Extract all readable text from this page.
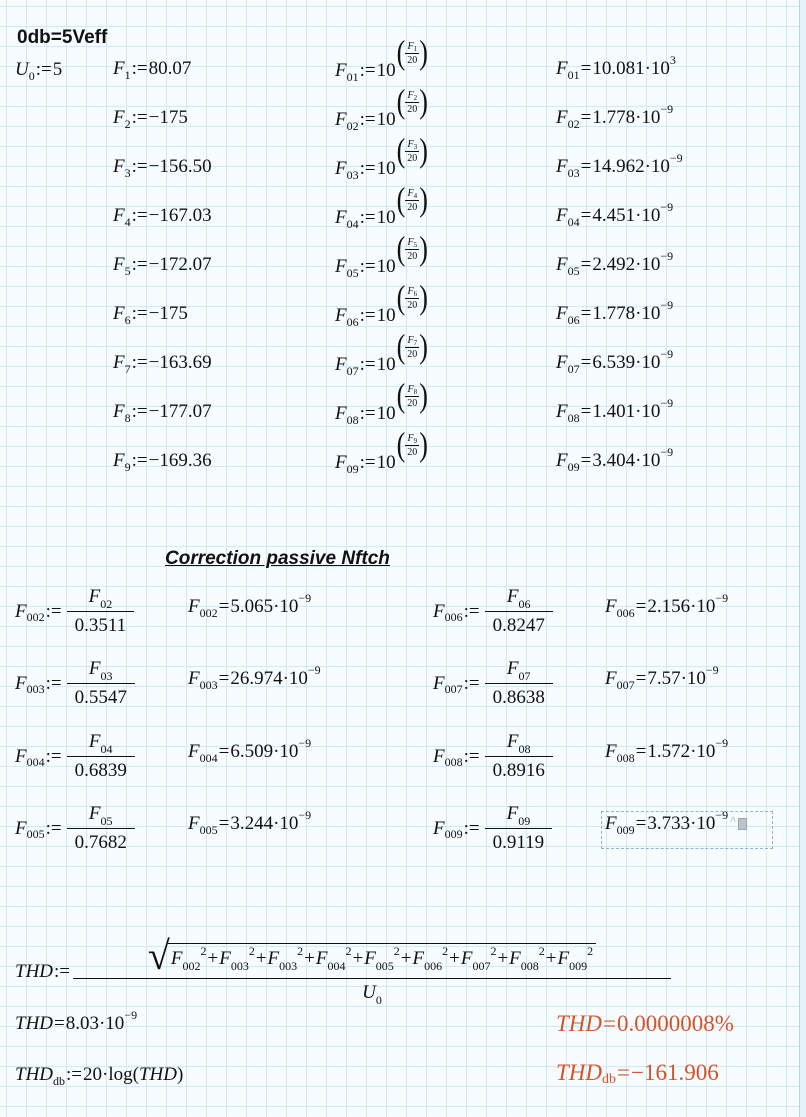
0db=5Veff
U 0 := 5	F 1 := 80.07	F 01 := 10 ( $\frac{F_1}{20}$ )	F 01 = 10.081 ·10 3
F 2 := −175	F 02 := 10 ( $\frac{F_2}{20}$ )	F 02 = 1.778 ·10 −9
F 3 := −156.50	F 03 := 10 ( $\frac{F_3}{20}$ )	F 03 = 14.962 ·10 −9
F 4 := −167.03	F 04 := 10 ( $\frac{F_4}{20}$ )	F 04 = 4.451 ·10 −9
F 5 := −172.07	F 05 := 10 ( $\frac{F_5}{20}$ )	F 05 = 2.492 ·10 −9
F 6 := −175	F 06 := 10 ( $\frac{F_6}{20}$ )	F 06 = 1.778 ·10 −9
F 7 := −163.69	F 07 := 10 ( $\frac{F_7}{20}$ )	F 07 = 6.539 ·10 −9
F 8 := −177.07	F 08 := 10 ( $\frac{F_8}{20}$ )	F 08 = 1.401 ·10 −9
F 9 := −169.36	F 09 := 10 ( $\frac{F_9}{20}$ )	F 09 = 3.404 ·10 −9
Correction passive Nftch
F 002 := $\frac{F_{02}}{0.3511}$	F 002 = 5.065 ·10 −9
F 003 := $\frac{F_{03}}{0.5547}$	F 003 = 26.974 ·10 −9
F 004 := $\frac{F_{04}}{0.6839}$	F 004 = 6.509 ·10 −9
F 005 := $\frac{F_{05}}{0.7682}$	F 005 = 3.244 ·10 −9
F 006 := $\frac{F_{06}}{0.8247}$	F 006 = 2.156 ·10 −9
F 007 := $\frac{F_{07}}{0.8638}$	F 007 = 7.57 ·10 −9
F 008 := $\frac{F_{08}}{0.8916}$	F 008 = 1.572 ·10 −9
F 009 := $\frac{F_{09}}{0.9119}$	F 009 = 3.733 ·10 −9 ^
THD := √ $F_{002}^2+F_{003}^2+F_{003}^2+F_{004}^2+F_{005}^2+F_{006}^2+F_{007}^2+F_{008}^2+F_{009}^2$
$U_0$
THD = 8.03 ·10 −9
THD db := 20·log( THD )
THD = 0.0000008%
THD db = −161.906
